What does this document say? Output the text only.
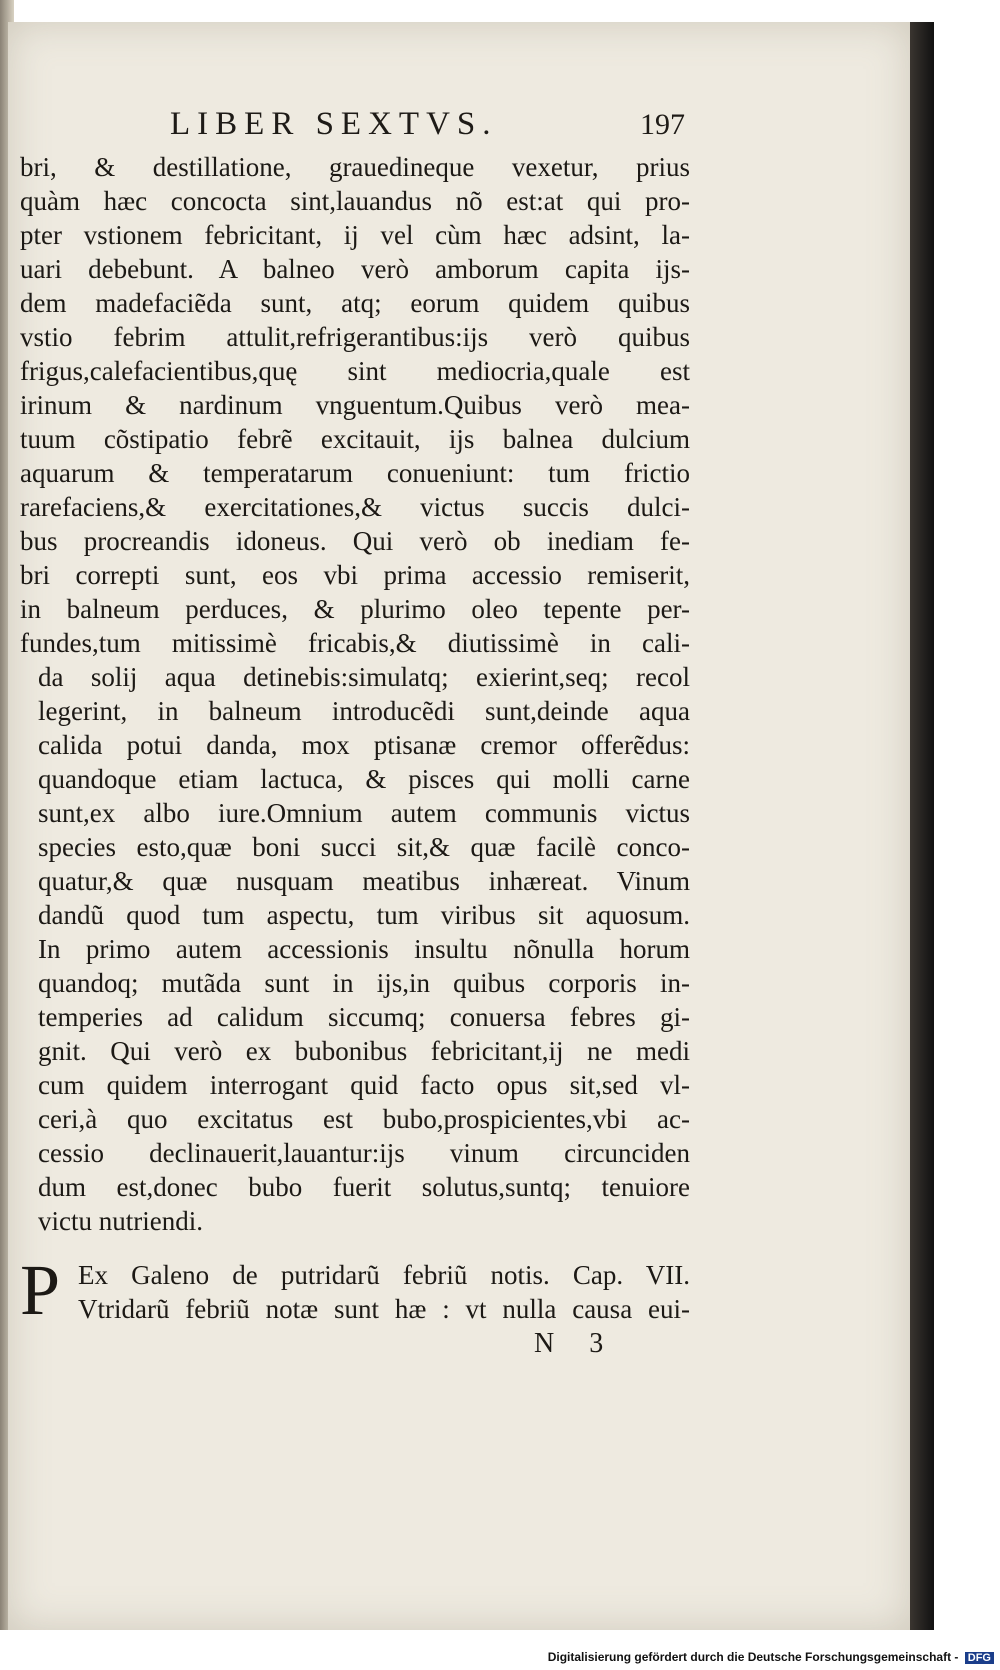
LIBER SEXTVS.	197
bri, & destillatione, grauedineque vexetur, prius
quàm hæc concocta sint,lauandus nõ est:at qui pro-
pter vstionem febricitant, ij vel cùm hæc adsint, la-
uari debebunt. A balneo verò amborum capita ijs-
dem madefaciẽda sunt, atq; eorum quidem quibus
vstio febrim attulit,refrigerantibus:ijs verò quibus
frigus,calefacientibus,quę sint mediocria,quale est
irinum & nardinum vnguentum.Quibus verò mea-
tuum cõstipatio febrẽ excitauit, ijs balnea dulcium
aquarum & temperatarum conueniunt: tum frictio
rarefaciens,& exercitationes,& victus succis dulci-
bus procreandis idoneus. Qui verò ob inediam fe-
bri correpti sunt, eos vbi prima accessio remiserit,
in balneum perduces, & plurimo oleo tepente per-
fundes,tum mitissimè fricabis,& diutissimè in cali-
da solij aqua detinebis:simulatq; exierint,seq; recol
legerint, in balneum introducẽdi sunt,deinde aqua
calida potui danda, mox ptisanæ cremor offerẽdus:
quandoque etiam lactuca, & pisces qui molli carne
sunt,ex albo iure.Omnium autem communis victus
species esto,quæ boni succi sit,& quæ facilè conco-
quatur,& quæ nusquam meatibus inhæreat. Vinum
dandũ quod tum aspectu, tum viribus sit aquosum.
In primo autem accessionis insultu nõnulla horum
quandoq; mutãda sunt in ijs,in quibus corporis in-
temperies ad calidum siccumq; conuersa febres gi-
gnit. Qui verò ex bubonibus febricitant,ij ne medi
cum quidem interrogant quid facto opus sit,sed vl-
ceri,à quo excitatus est bubo,prospicientes,vbi ac-
cessio declinauerit,lauantur:ijs vinum circunciden
dum est,donec bubo fuerit solutus,suntq; tenuiore
victu nutriendi.
P Ex Galeno de putridarũ febriũ notis. Cap. VII.
Vtridarũ febriũ notæ sunt hæ : vt nulla causa eui-
N 3
Digitalisierung gefördert durch die Deutsche Forschungsgemeinschaft - DFG
